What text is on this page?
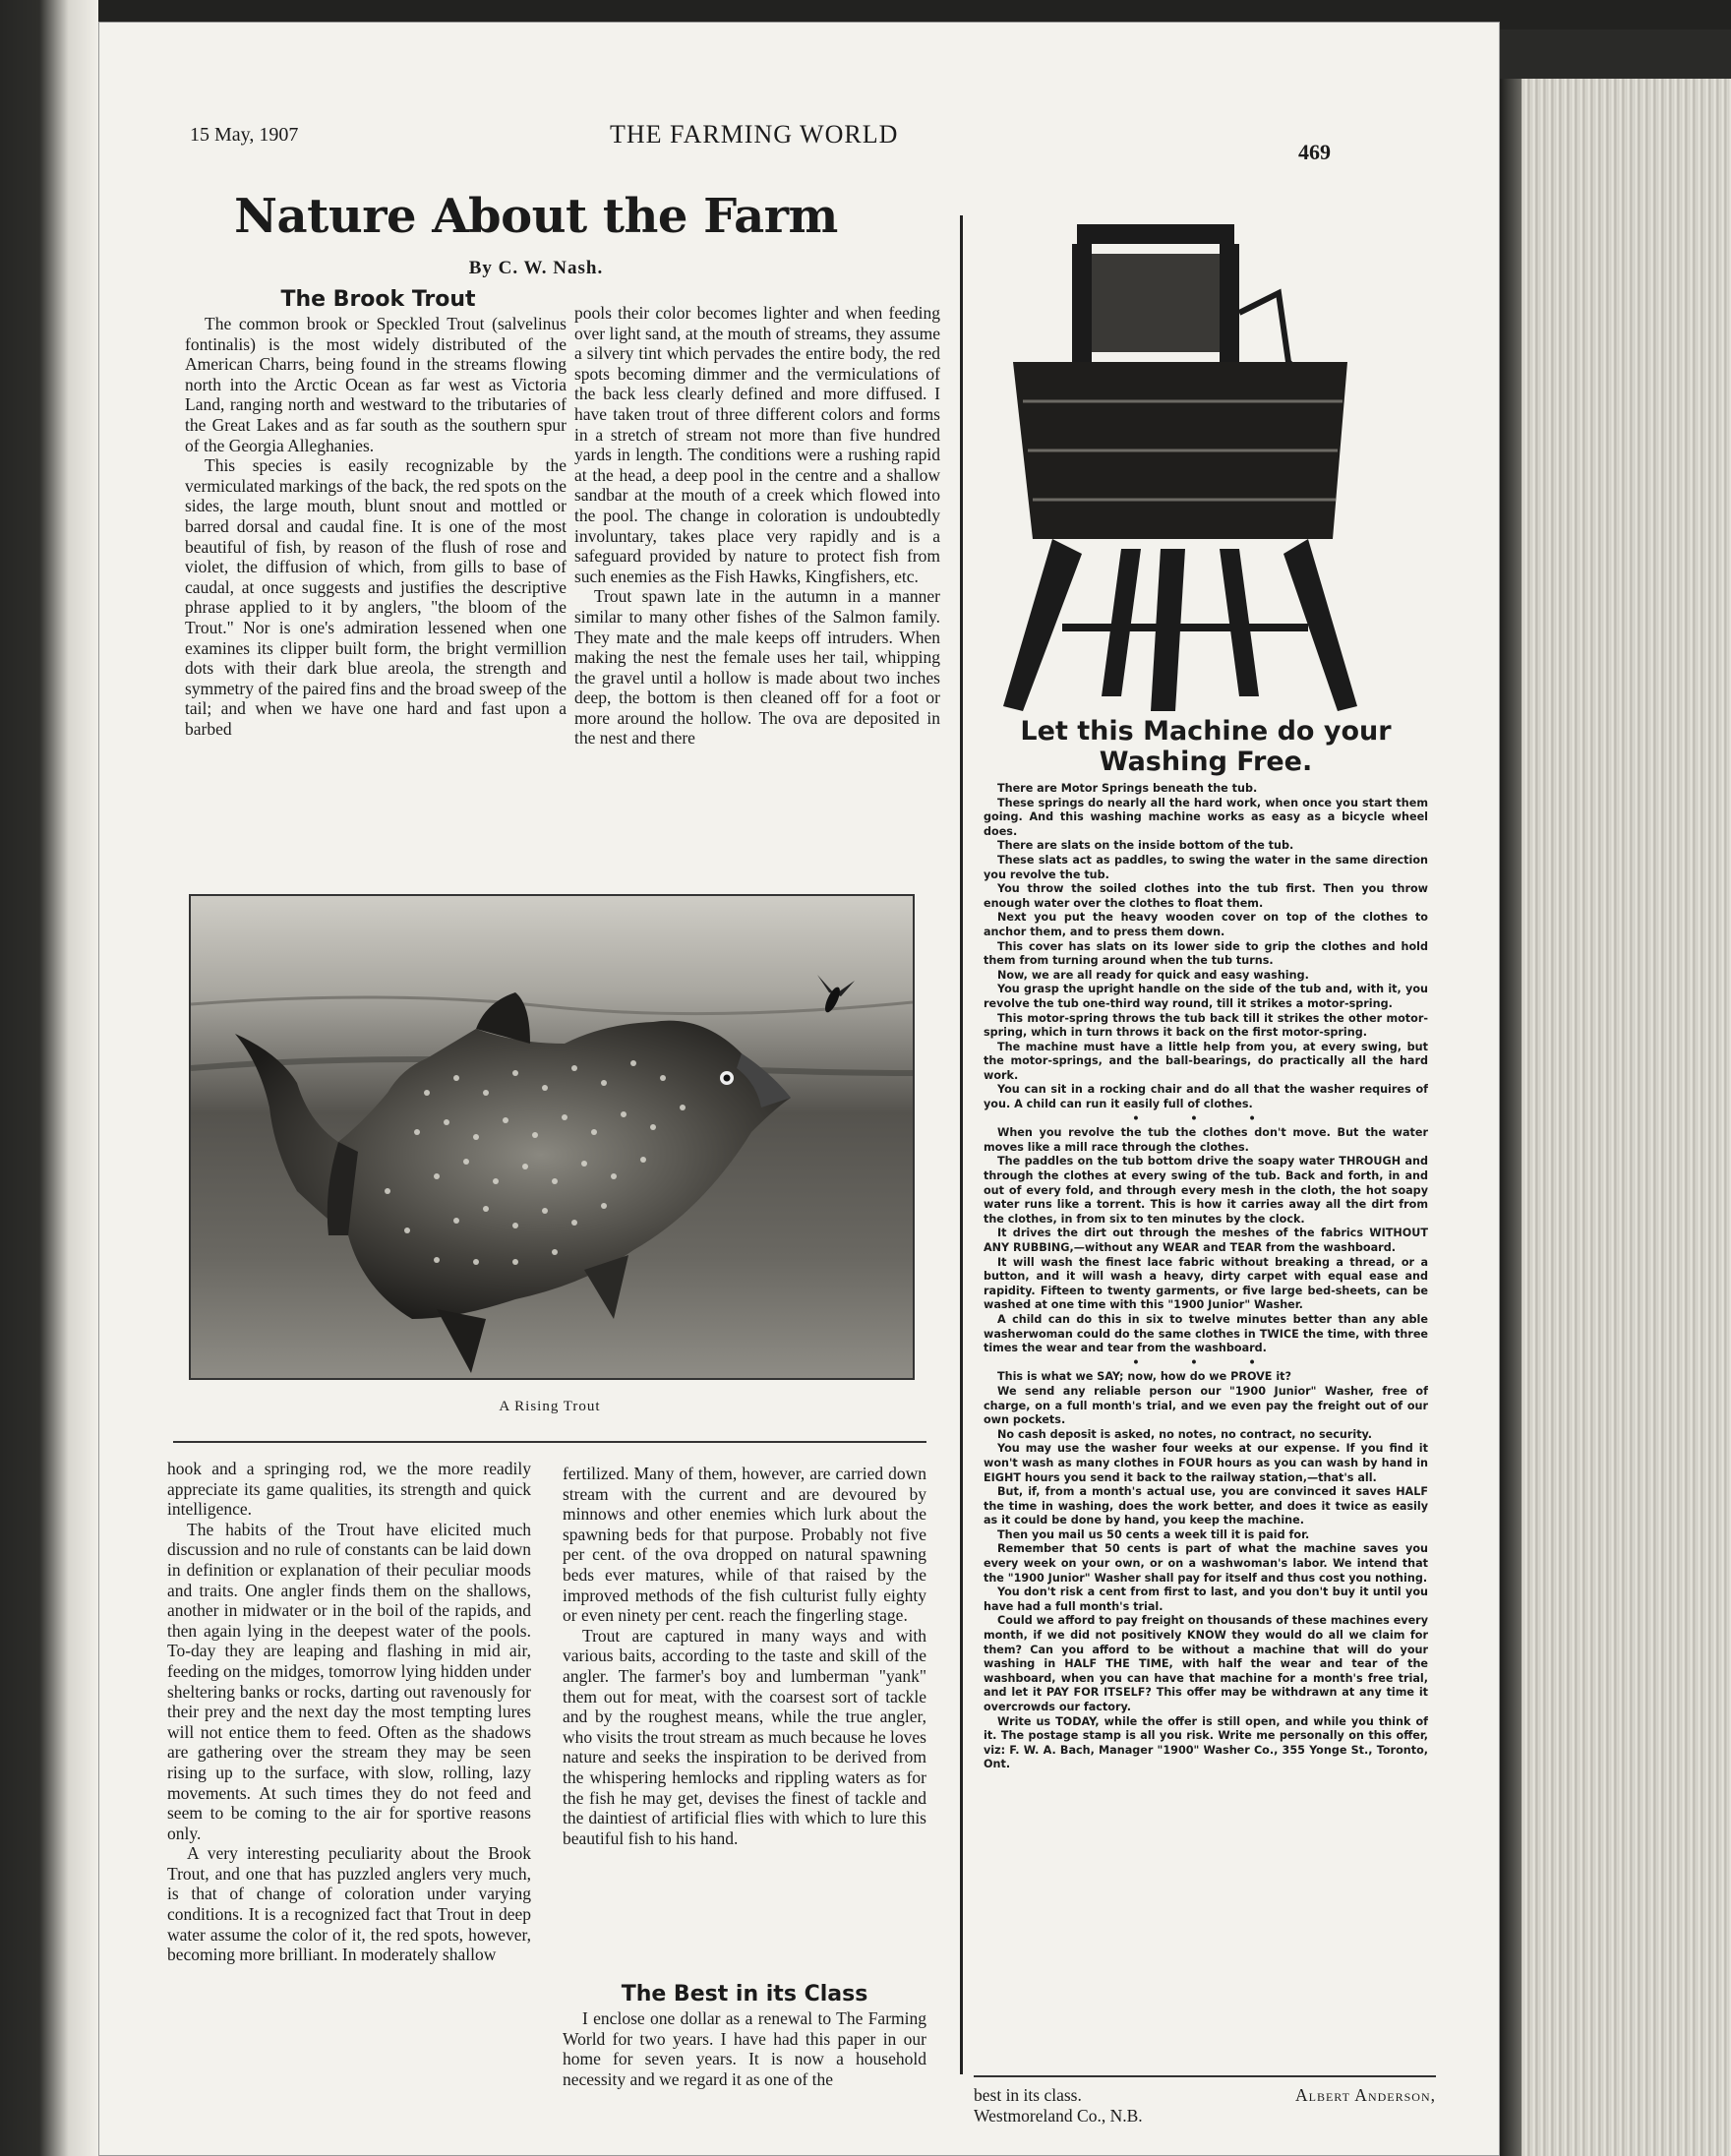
15 May, 1907	THE FARMING WORLD
469
Nature About the Farm
By C. W. Nash.
The Brook Trout

The common brook or Speckled Trout (salvelinus fontinalis) is the most widely distributed of the American Charrs, being found in the streams flowing north into the Arctic Ocean as far west as Victoria Land, ranging north and westward to the tributaries of the Great Lakes and as far south as the southern spur of the Georgia Alleghanies.

This species is easily recognizable by the vermiculated markings of the back, the red spots on the sides, the large mouth, blunt snout and mottled or barred dorsal and caudal fine. It is one of the most beautiful of fish, by reason of the flush of rose and violet, the diffusion of which, from gills to base of caudal, at once suggests and justifies the descriptive phrase applied to it by anglers, "the bloom of the Trout." Nor is one's admiration lessened when one examines its clipper built form, the bright vermillion dots with their dark blue areola, the strength and symmetry of the paired fins and the broad sweep of the tail; and when we have one hard and fast upon a barbed

pools their color becomes lighter and when feeding over light sand, at the mouth of streams, they assume a silvery tint which pervades the entire body, the red spots becoming dimmer and the vermiculations of the back less clearly defined and more diffused. I have taken trout of three different colors and forms in a stretch of stream not more than five hundred yards in length. The conditions were a rushing rapid at the head, a deep pool in the centre and a shallow sandbar at the mouth of a creek which flowed into the pool. The change in coloration is undoubtedly involuntary, takes place very rapidly and is a safeguard provided by nature to protect fish from such enemies as the Fish Hawks, Kingfishers, etc.

Trout spawn late in the autumn in a manner similar to many other fishes of the Salmon family. They mate and the male keeps off intruders. When making the nest the female uses her tail, whipping the gravel until a hollow is made about two inches deep, the bottom is then cleaned off for a foot or more around the hollow. The ova are deposited in the nest and there

A Rising Trout

hook and a springing rod, we the more readily appreciate its game qualities, its strength and quick intelligence.

The habits of the Trout have elicited much discussion and no rule of constants can be laid down in definition or explanation of their peculiar moods and traits. One angler finds them on the shallows, another in midwater or in the boil of the rapids, and then again lying in the deepest water of the pools. To-day they are leaping and flashing in mid air, feeding on the midges, tomorrow lying hidden under sheltering banks or rocks, darting out ravenously for their prey and the next day the most tempting lures will not entice them to feed. Often as the shadows are gathering over the stream they may be seen rising up to the surface, with slow, rolling, lazy movements. At such times they do not feed and seem to be coming to the air for sportive reasons only.

A very interesting peculiarity about the Brook Trout, and one that has puzzled anglers very much, is that of change of coloration under varying conditions. It is a recognized fact that Trout in deep water assume the color of it, the red spots, however, becoming more brilliant. In moderately shallow

fertilized. Many of them, however, are carried down stream with the current and are devoured by minnows and other enemies which lurk about the spawning beds for that purpose. Probably not five per cent. of the ova dropped on natural spawning beds ever matures, while of that raised by the improved methods of the fish culturist fully eighty or even ninety per cent. reach the fingerling stage.

Trout are captured in many ways and with various baits, according to the taste and skill of the angler. The farmer's boy and lumberman "yank" them out for meat, with the coarsest sort of tackle and by the roughest means, while the true angler, who visits the trout stream as much because he loves nature and seeks the inspiration to be derived from the whispering hemlocks and rippling waters as for the fish he may get, devises the finest of tackle and the daintiest of artificial flies with which to lure this beautiful fish to his hand.

The Best in its Class

I enclose one dollar as a renewal to The Farming World for two years. I have had this paper in our home for seven years. It is now a household necessity and we regard it as one of the

Let this Machine do your Washing Free.

There are Motor Springs beneath the tub.

These springs do nearly all the hard work, when once you start them going. And this washing machine works as easy as a bicycle wheel does.

There are slats on the inside bottom of the tub.

These slats act as paddles, to swing the water in the same direction you revolve the tub.

You throw the soiled clothes into the tub first. Then you throw enough water over the clothes to float them.

Next you put the heavy wooden cover on top of the clothes to anchor them, and to press them down.

This cover has slats on its lower side to grip the clothes and hold them from turning around when the tub turns.

Now, we are all ready for quick and easy washing.

You grasp the upright handle on the side of the tub and, with it, you revolve the tub one-third way round, till it strikes a motor-spring.

This motor-spring throws the tub back till it strikes the other motor-spring, which in turn throws it back on the first motor-spring.

The machine must have a little help from you, at every swing, but the motor-springs, and the ball-bearings, do practically all the hard work.

You can sit in a rocking chair and do all that the washer requires of you. A child can run it easily full of clothes.

• • •

When you revolve the tub the clothes don't move. But the water moves like a mill race through the clothes.

The paddles on the tub bottom drive the soapy water THROUGH and through the clothes at every swing of the tub. Back and forth, in and out of every fold, and through every mesh in the cloth, the hot soapy water runs like a torrent. This is how it carries away all the dirt from the clothes, in from six to ten minutes by the clock.

It drives the dirt out through the meshes of the fabrics WITHOUT ANY RUBBING,—without any WEAR and TEAR from the washboard.

It will wash the finest lace fabric without breaking a thread, or a button, and it will wash a heavy, dirty carpet with equal ease and rapidity. Fifteen to twenty garments, or five large bed-sheets, can be washed at one time with this "1900 Junior" Washer.

A child can do this in six to twelve minutes better than any able washerwoman could do the same clothes in TWICE the time, with three times the wear and tear from the washboard.

• • •

This is what we SAY; now, how do we PROVE it?

We send any reliable person our "1900 Junior" Washer, free of charge, on a full month's trial, and we even pay the freight out of our own pockets.

No cash deposit is asked, no notes, no contract, no security.

You may use the washer four weeks at our expense. If you find it won't wash as many clothes in FOUR hours as you can wash by hand in EIGHT hours you send it back to the railway station,—that's all.

But, if, from a month's actual use, you are convinced it saves HALF the time in washing, does the work better, and does it twice as easily as it could be done by hand, you keep the machine.

Then you mail us 50 cents a week till it is paid for.

Remember that 50 cents is part of what the machine saves you every week on your own, or on a washwoman's labor. We intend that the "1900 Junior" Washer shall pay for itself and thus cost you nothing.

You don't risk a cent from first to last, and you don't buy it until you have had a full month's trial.

Could we afford to pay freight on thousands of these machines every month, if we did not positively KNOW they would do all we claim for them? Can you afford to be without a machine that will do your washing in HALF THE TIME, with half the wear and tear of the washboard, when you can have that machine for a month's free trial, and let it PAY FOR ITSELF? This offer may be withdrawn at any time it overcrowds our factory.

Write us TODAY, while the offer is still open, and while you think of it. The postage stamp is all you risk. Write me personally on this offer, viz: F. W. A. Bach, Manager "1900" Washer Co., 355 Yonge St., Toronto, Ont.

best in its class.	Albert Anderson,

Westmoreland Co., N.B.
